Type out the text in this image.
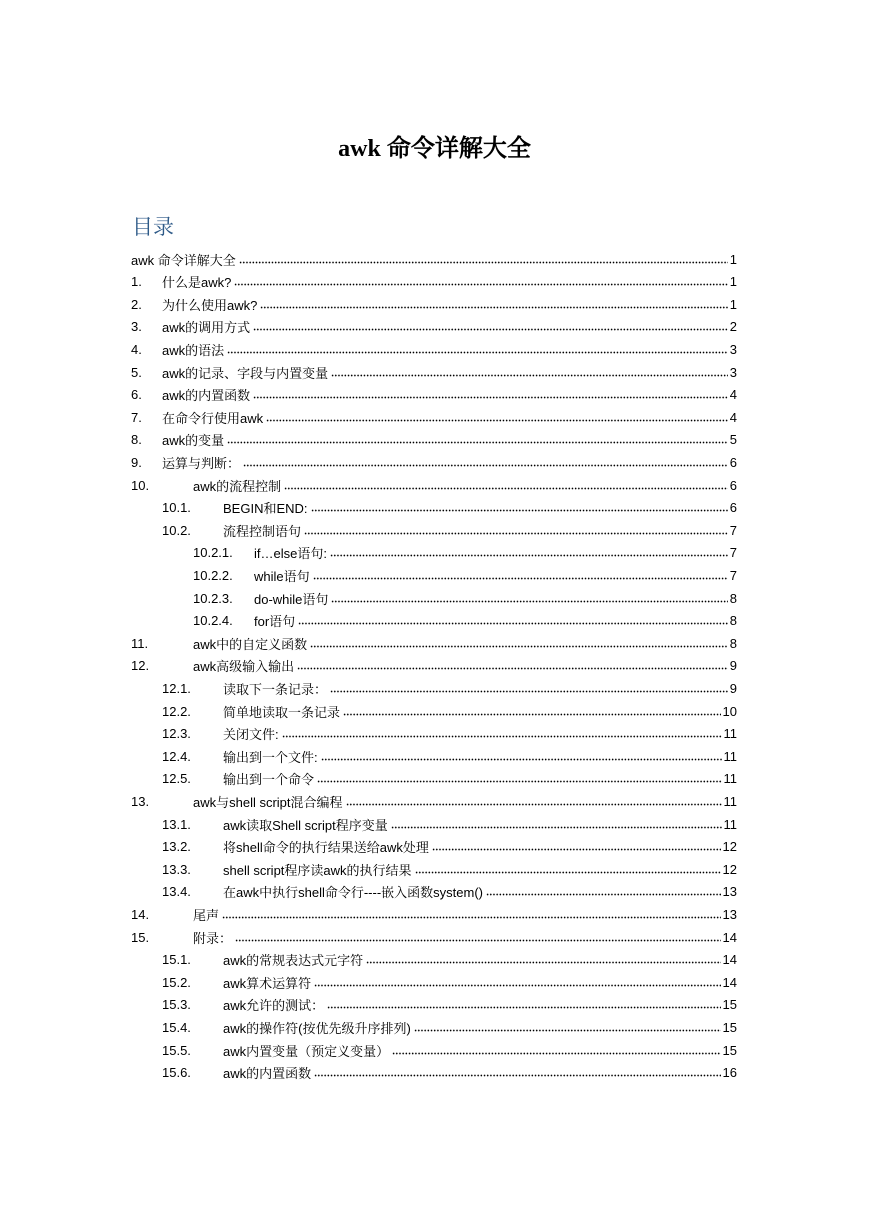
awk 命令详解大全
目录
awk 命令详解大全	1
1.	什么是awk?	1
2.	为什么使用awk?	1
3.	awk的调用方式	2
4.	awk的语法	3
5.	awk的记录、字段与内置变量	3
6.	awk的内置函数	4
7.	在命令行使用awk	4
8.	awk的变量	5
9.	运算与判断：	6
10.	awk的流程控制	6
10.1.	BEGIN和END:	6
10.2.	流程控制语句	7
10.2.1.	if…else语句:	7
10.2.2.	while语句	7
10.2.3.	do-while语句	8
10.2.4.	for语句	8
11.	awk中的自定义函数	8
12.	awk高级输入输出	9
12.1.	读取下一条记录：	9
12.2.	简单地读取一条记录	10
12.3.	关闭文件:	11
12.4.	输出到一个文件:	11
12.5.	输出到一个命令	11
13.	awk与shell script混合编程	11
13.1.	awk读取Shell script程序变量	11
13.2.	将shell命令的执行结果送给awk处理	12
13.3.	shell script程序读awk的执行结果	12
13.4.	在awk中执行shell命令行----嵌入函数system()	13
14.	尾声	13
15.	附录：	14
15.1.	awk的常规表达式元字符	14
15.2.	awk算术运算符	14
15.3.	awk允许的测试：	15
15.4.	awk的操作符(按优先级升序排列)	15
15.5.	awk内置变量（预定义变量）	15
15.6.	awk的内置函数	16
